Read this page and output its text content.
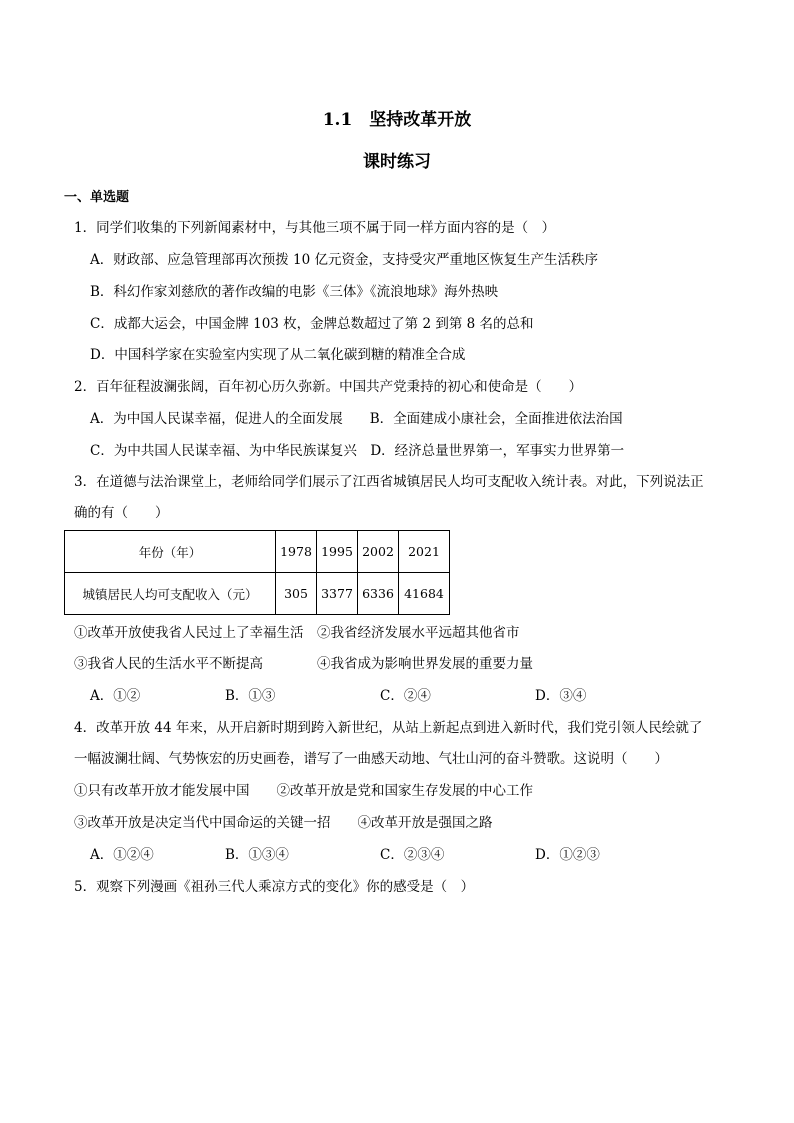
1.1　坚持改革开放
课时练习
一、单选题
1．同学们收集的下列新闻素材中，与其他三项不属于同一样方面内容的是（　）
A．财政部、应急管理部再次预拨 10 亿元资金，支持受灾严重地区恢复生产生活秩序
B．科幻作家刘慈欣的著作改编的电影《三体》《流浪地球》海外热映
C．成都大运会，中国金牌 103 枚，金牌总数超过了第 2 到第 8 名的总和
D．中国科学家在实验室内实现了从二氧化碳到糖的精准全合成
2．百年征程波澜张阔，百年初心历久弥新。中国共产党秉持的初心和使命是（　　）
A．为中国人民谋幸福，促进人的全面发展　　B．全面建成小康社会，全面推进依法治国
C．为中共国人民谋幸福、为中华民族谋复兴　D．经济总量世界第一，军事实力世界第一
3．在道德与法治课堂上，老师给同学们展示了江西省城镇居民人均可支配收入统计表。对此，下列说法正
确的有（　　）
年份（年）	1978	1995	2002	2021
城镇居民人均可支配收入（元）	305	3377	6336	41684
①改革开放使我省人民过上了幸福生活　②我省经济发展水平远超其他省市
③我省人民的生活水平不断提高　　　　④我省成为影响世界发展的重要力量
A．①②	B．①③	C．②④	D．③④
4．改革开放 44 年来，从开启新时期到跨入新世纪，从站上新起点到进入新时代，我们党引领人民绘就了
一幅波澜壮阔、气势恢宏的历史画卷，谱写了一曲感天动地、气壮山河的奋斗赞歌。这说明（　　）
①只有改革开放才能发展中国　　②改革开放是党和国家生存发展的中心工作
③改革开放是决定当代中国命运的关键一招　　④改革开放是强国之路
A．①②④	B．①③④	C．②③④	D．①②③
5．观察下列漫画《祖孙三代人乘凉方式的变化》你的感受是（　）
